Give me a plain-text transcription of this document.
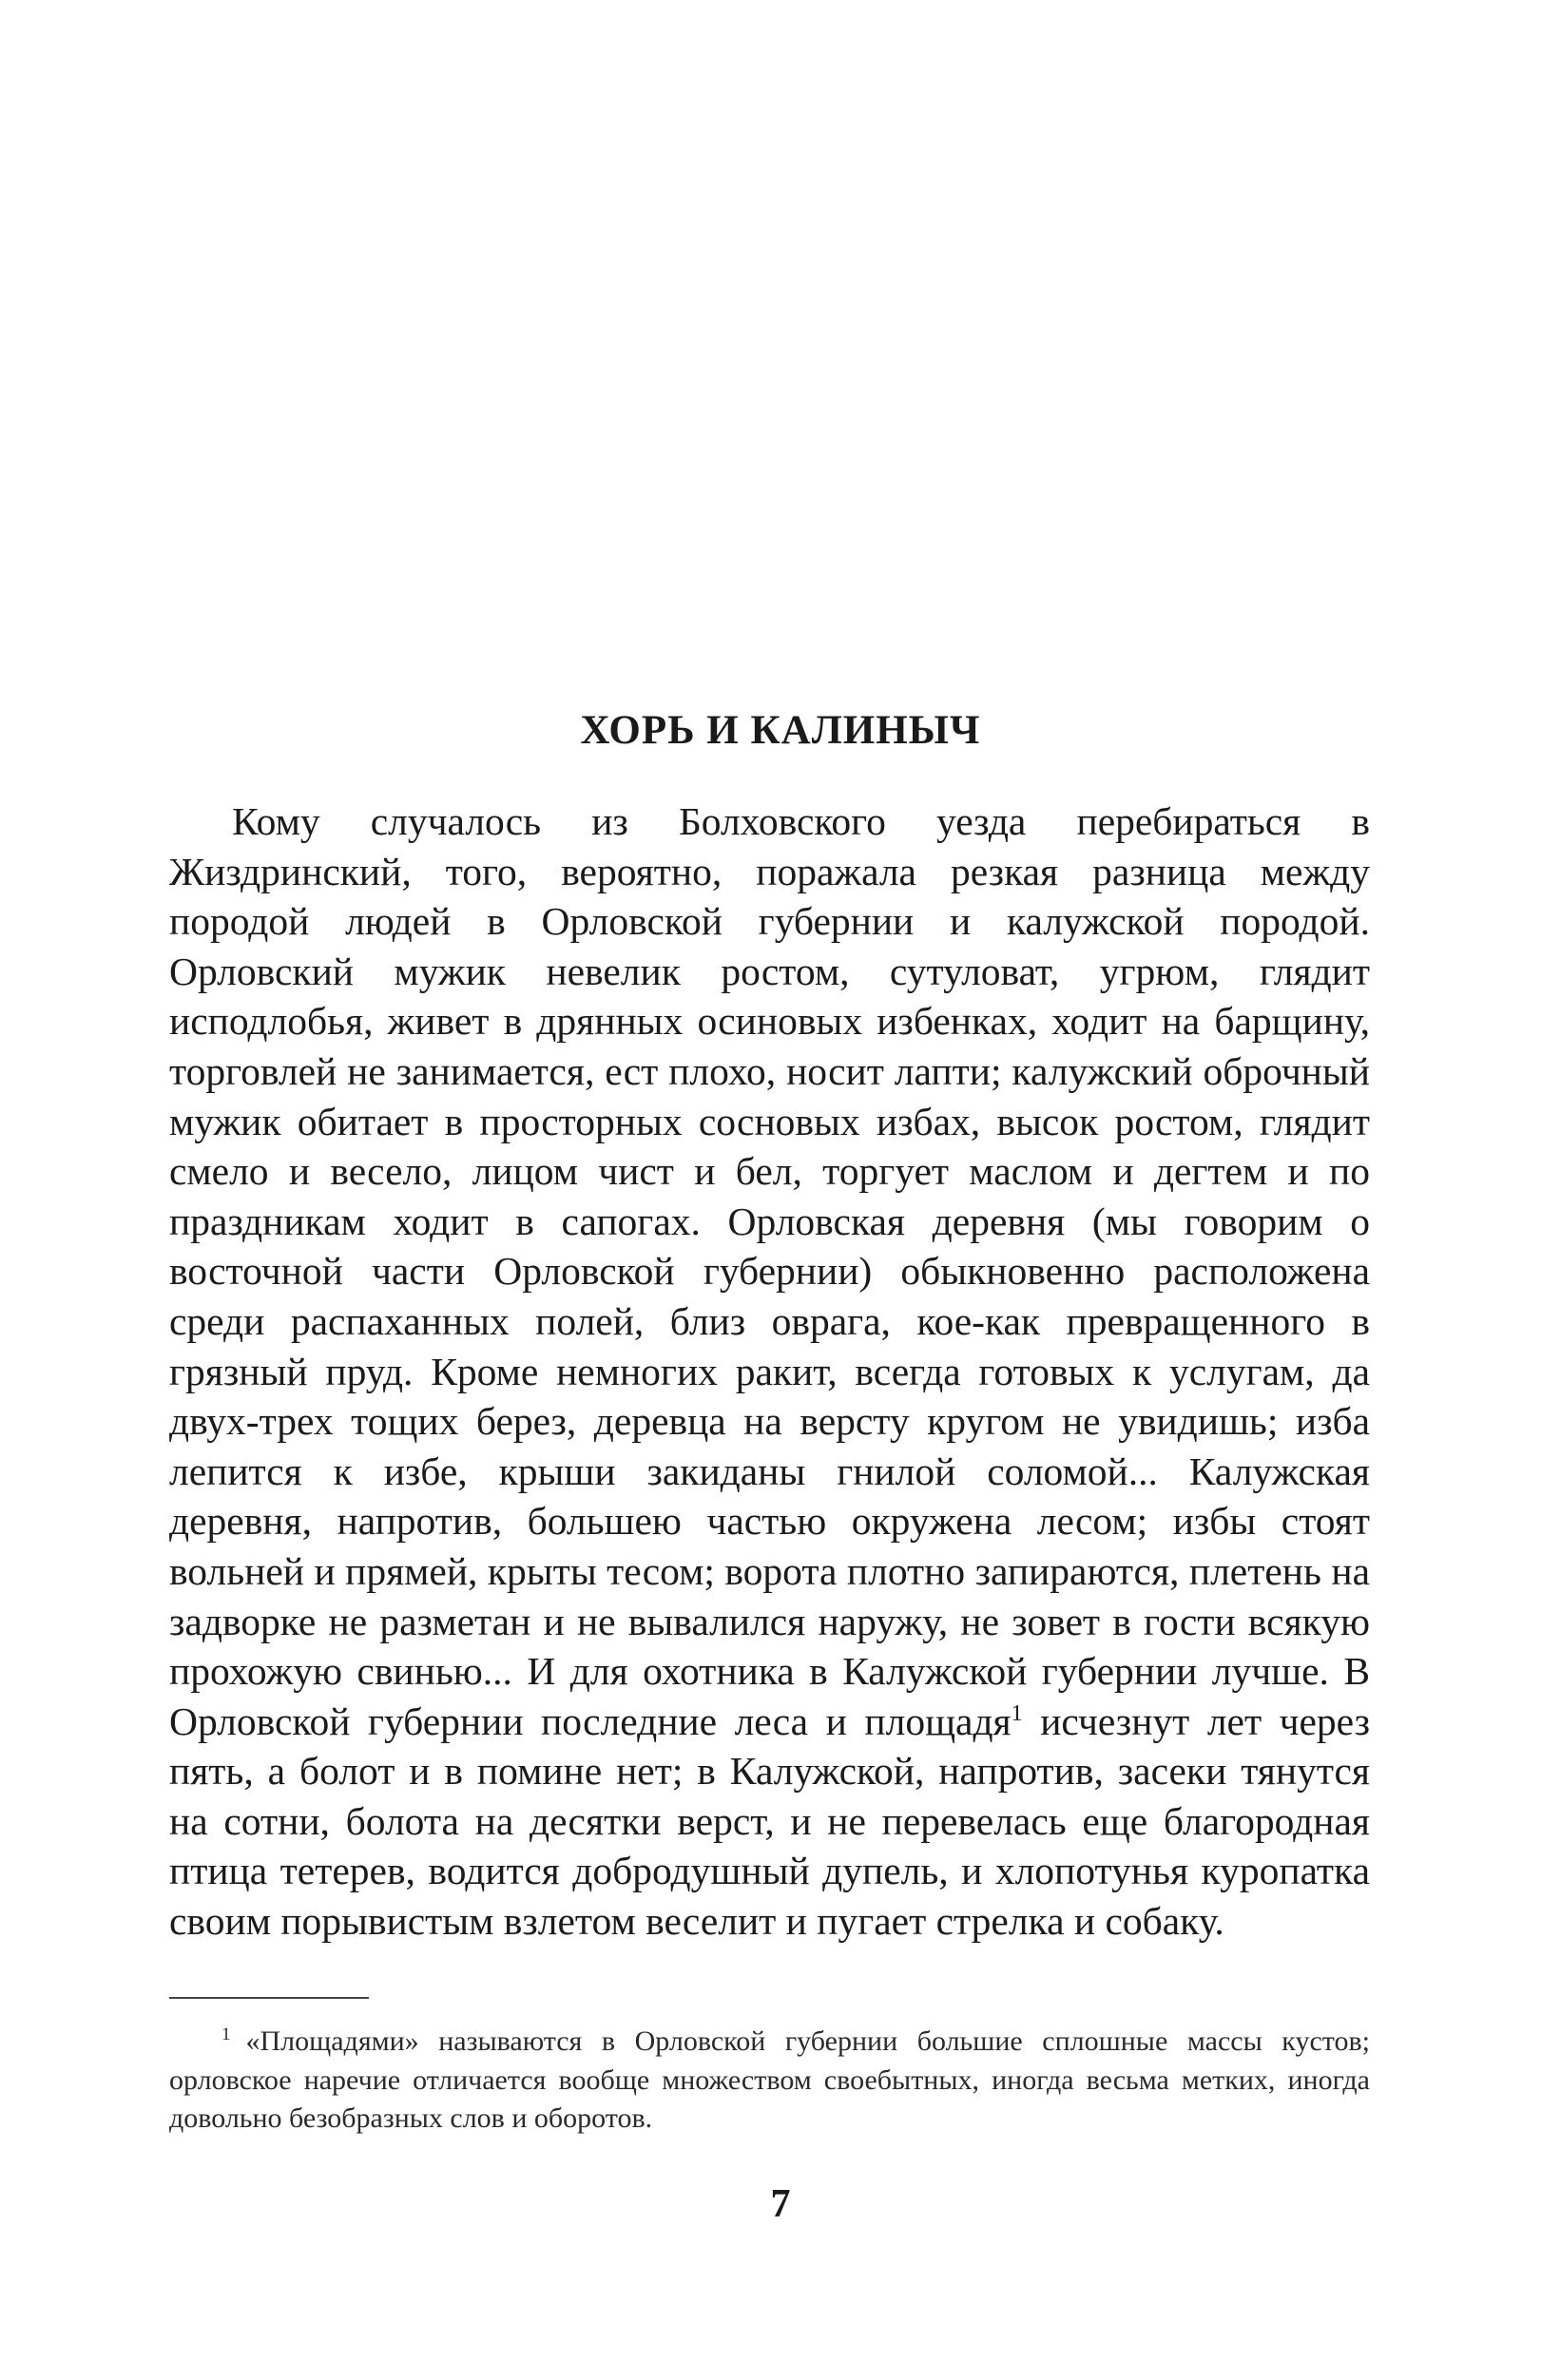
ХОРЬ И КАЛИНЫЧ

Кому случалось из Болховского уезда перебираться в Жиздринский, того, вероятно, поражала резкая разница между породой людей в Орловской губернии и калужской породой. Орловский мужик невелик ростом, сутуловат, угрюм, глядит исподлобья, живет в дрянных осиновых избенках, ходит на барщину, торговлей не занимается, ест плохо, носит лапти; калужский оброчный мужик обитает в просторных сосновых избах, высок ростом, глядит смело и весело, лицом чист и бел, торгует маслом и дегтем и по праздникам ходит в сапогах. Орловская деревня (мы говорим о восточной части Орловской губернии) обыкновенно расположена среди распаханных полей, близ оврага, кое-как превращенного в грязный пруд. Кроме немногих ракит, всегда готовых к услугам, да двух-трех тощих берез, деревца на версту кругом не увидишь; изба лепится к избе, крыши закиданы гнилой соломой... Калужская деревня, напротив, большею частью окружена лесом; избы стоят вольней и прямей, крыты тесом; ворота плотно запираются, плетень на задворке не разметан и не вывалился наружу, не зовет в гости всякую прохожую свинью... И для охотника в Калужской губернии лучше. В Орловской губернии последние леса и площадя$^1$ исчезнут лет через пять, а болот и в помине нет; в Калужской, напротив, засеки тянутся на сотни, болота на десятки верст, и не перевелась еще благородная птица тетерев, водится добродушный дупель, и хлопотунья куропатка своим порывистым взлетом веселит и пугает стрелка и собаку.

$^1$ «Площадями» называются в Орловской губернии большие сплошные массы кустов; орловское наречие отличается вообще множеством своебытных, иногда весьма метких, иногда довольно безобразных слов и оборотов.

7
